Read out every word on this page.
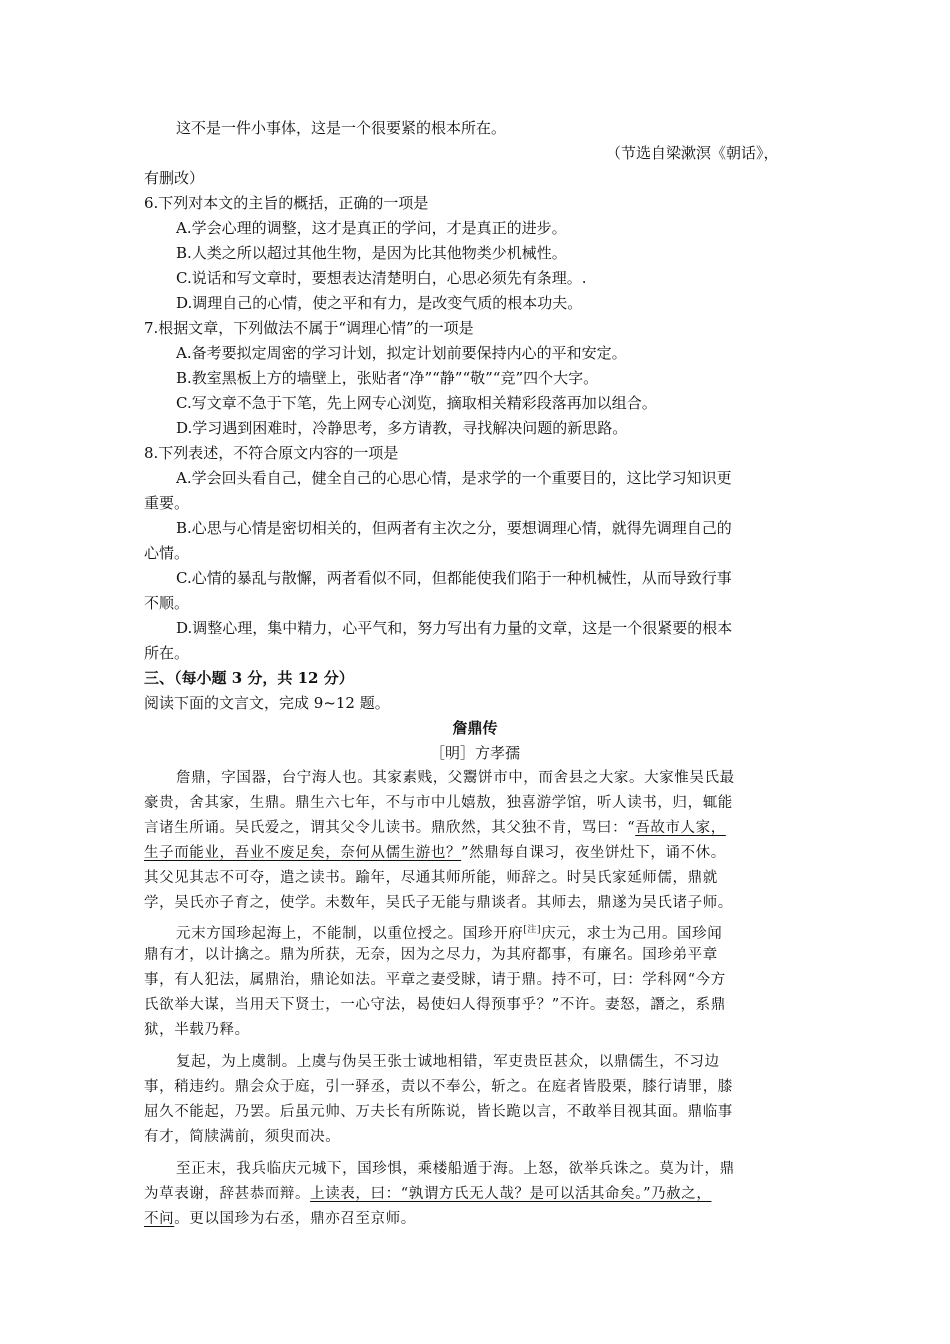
这不是一件小事体，这是一个很要紧的根本所在。
（节选自梁漱溟《朝话》，
有删改）
6.下列对本文的主旨的概括，正确的一项是
A.学会心理的调整，这才是真正的学问，才是真正的进步。
B.人类之所以超过其他生物，是因为比其他物类少机械性。
C.说话和写文章时，要想表达清楚明白，心思必须先有条理。.
D.调理自己的心情，使之平和有力，是改变气质的根本功夫。
7.根据文章，下列做法不属于“调理心情”的一项是
A.备考要拟定周密的学习计划，拟定计划前要保持内心的平和安定。
B.教室黑板上方的墙壁上，张贴者“净”“静”“敬”“竞”四个大字。
C.写文章不急于下笔，先上网专心浏览，摘取相关精彩段落再加以组合。
D.学习遇到困难时，冷静思考，多方请教，寻找解决问题的新思路。
8.下列表述，不符合原文内容的一项是
A.学会回头看自己，健全自己的心思心情，是求学的一个重要目的，这比学习知识更
重要。
B.心思与心情是密切相关的，但两者有主次之分，要想调理心情，就得先调理自己的
心情。
C.心情的暴乱与散懈，两者看似不同，但都能使我们陷于一种机械性，从而导致行事
不顺。
D.调整心理，集中精力，心平气和，努力写出有力量的文章，这是一个很紧要的根本
所在。
三、（每小题 3 分，共 12 分）
阅读下面的文言文，完成 9~12 题。
詹鼎传
［明］方孝孺
詹鼎，字国器，台宁海人也。其家素贱，父鬻饼市中，而舍县之大家。大家惟吴氏最
豪贵，舍其家，生鼎。鼎生六七年，不与市中儿嬉敖，独喜游学馆，听人读书，归，辄能
言诸生所诵。吴氏爱之，谓其父令儿读书。鼎欣然，其父独不肯，骂曰：“吾故市人家，
生子而能业，吾业不废足矣，奈何从儒生游也？”然鼎每自课习，夜坐饼灶下，诵不休。
其父见其志不可夺，遣之读书。踰年，尽通其师所能，师辞之。时吴氏家延师儒，鼎就
学，吴氏亦子育之，使学。未数年，吴氏子无能与鼎谈者。其师去，鼎遂为吴氏诸子师。
元末方国珍起海上，不能制，以重位授之。国珍开府[注]庆元，求士为己用。国珍闻
鼎有才，以计擒之。鼎为所获，无奈，因为之尽力，为其府都事，有廉名。国珍弟平章
事，有人犯法，属鼎治，鼎论如法。平章之妻受賕，请于鼎。持不可，曰：学科网“今方
氏欲举大谋，当用天下贤士，一心守法，曷使妇人得预事乎？”不许。妻怒，譖之，系鼎
狱，半载乃释。
复起，为上虞制。上虞与伪吴王张士诚地相错，军吏贵臣甚众，以鼎儒生，不习边
事，稍违约。鼎会众于庭，引一驿丞，责以不奉公，斩之。在庭者皆股栗，膝行请罪，膝
屈久不能起，乃罢。后虽元帅、万夫长有所陈说，皆长跪以言，不敢举目视其面。鼎临事
有才，简牍满前，须臾而决。
至正末，我兵临庆元城下，国珍惧，乘楼船遁于海。上怒，欲举兵诛之。莫为计，鼎
为草表谢，辞甚恭而辩。上读表，曰：“孰谓方氏无人哉？是可以活其命矣。”乃赦之，
不问。更以国珍为右丞，鼎亦召至京师。
